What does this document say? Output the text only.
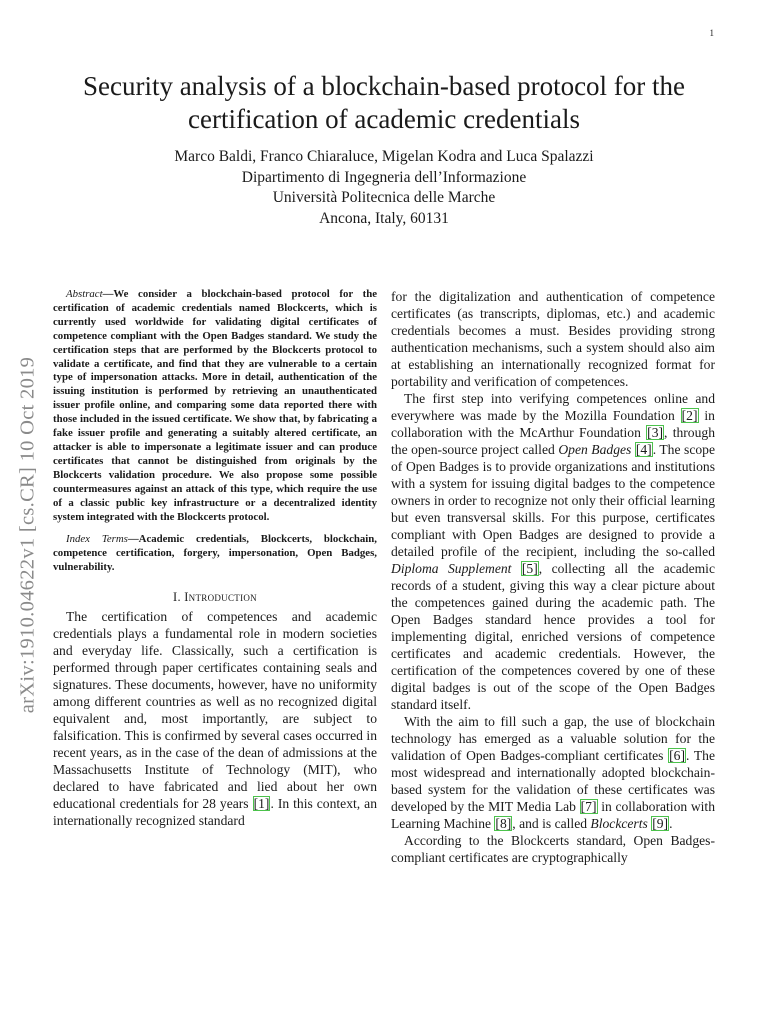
1
Security analysis of a blockchain-based protocol for the certification of academic credentials
Marco Baldi, Franco Chiaraluce, Migelan Kodra and Luca Spalazzi
Dipartimento di Ingegneria dell’Informazione
Università Politecnica delle Marche
Ancona, Italy, 60131
arXiv:1910.04622v1 [cs.CR] 10 Oct 2019

Abstract—We consider a blockchain-based protocol for the certification of academic credentials named Blockcerts, which is currently used worldwide for validating digital certificates of competence compliant with the Open Badges standard. We study the certification steps that are performed by the Blockcerts protocol to validate a certificate, and find that they are vulnerable to a certain type of impersonation attacks. More in detail, authentication of the issuing institution is performed by retrieving an unauthenticated issuer profile online, and comparing some data reported there with those included in the issued certificate. We show that, by fabricating a fake issuer profile and generating a suitably altered certificate, an attacker is able to impersonate a legitimate issuer and can produce certificates that cannot be distinguished from originals by the Blockcerts validation procedure. We also propose some possible countermeasures against an attack of this type, which require the use of a classic public key infrastructure or a decentralized identity system integrated with the Blockcerts protocol.

Index Terms—Academic credentials, Blockcerts, blockchain, competence certification, forgery, impersonation, Open Badges, vulnerability.

I. Introduction

The certification of competences and academic credentials plays a fundamental role in modern societies and everyday life. Classically, such a certification is performed through paper certificates containing seals and signatures. These documents, however, have no uniformity among different countries as well as no recognized digital equivalent and, most importantly, are subject to falsification. This is confirmed by several cases occurred in recent years, as in the case of the dean of admissions at the Massachusetts Institute of Technology (MIT), who declared to have fabricated and lied about her own educational credentials for 28 years [1]. In this context, an internationally recognized standard

for the digitalization and authentication of competence certificates (as transcripts, diplomas, etc.) and academic credentials becomes a must. Besides providing strong authentication mechanisms, such a system should also aim at establishing an internationally recognized format for portability and verification of competences.

The first step into verifying competences online and everywhere was made by the Mozilla Foundation [2] in collaboration with the McArthur Foundation [3], through the open-source project called Open Badges [4]. The scope of Open Badges is to provide organizations and institutions with a system for issuing digital badges to the competence owners in order to recognize not only their official learning but even transversal skills. For this purpose, certificates compliant with Open Badges are designed to provide a detailed profile of the recipient, including the so-called Diploma Supplement [5], collecting all the academic records of a student, giving this way a clear picture about the competences gained during the academic path. The Open Badges standard hence provides a tool for implementing digital, enriched versions of competence certificates and academic credentials. However, the certification of the competences covered by one of these digital badges is out of the scope of the Open Badges standard itself.

With the aim to fill such a gap, the use of blockchain technology has emerged as a valuable solution for the validation of Open Badges-compliant certificates [6]. The most widespread and internationally adopted blockchain-based system for the validation of these certificates was developed by the MIT Media Lab [7] in collaboration with Learning Machine [8], and is called Blockcerts [9].

According to the Blockcerts standard, Open Badges-compliant certificates are cryptographically
